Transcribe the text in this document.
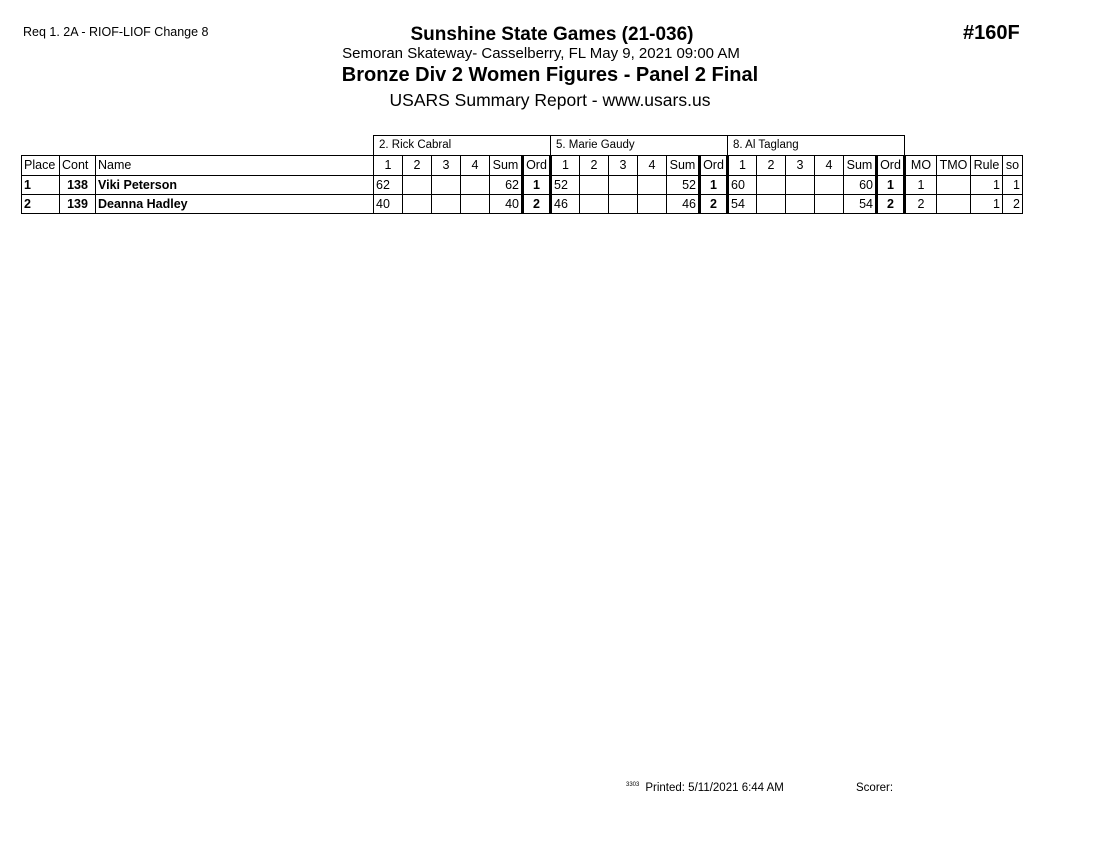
Req 1. 2A - RIOF-LIOF Change 8	#160F
Sunshine State Games (21-036)
Semoran Skateway- Casselberry, FL May 9, 2021 09:00 AM
Bronze Div 2 Women Figures - Panel 2 Final
USARS Summary Report - www.usars.us
			2. Rick Cabral						5. Marie Gaudy						8. Al Taglang									
Place	Cont	Name	1	2	3	4	Sum	Ord	1	2	3	4	Sum	Ord	1	2	3	4	Sum	Ord	MO	TMO	Rule	so
1	138	Viki Peterson	62				62	1	52				52	1	60				60	1	1		1	1
2	139	Deanna Hadley	40				40	2	46				46	2	54				54	2	2		1	2
$^{3303}$ Printed: 5/11/2021 6:44 AM	Scorer:
